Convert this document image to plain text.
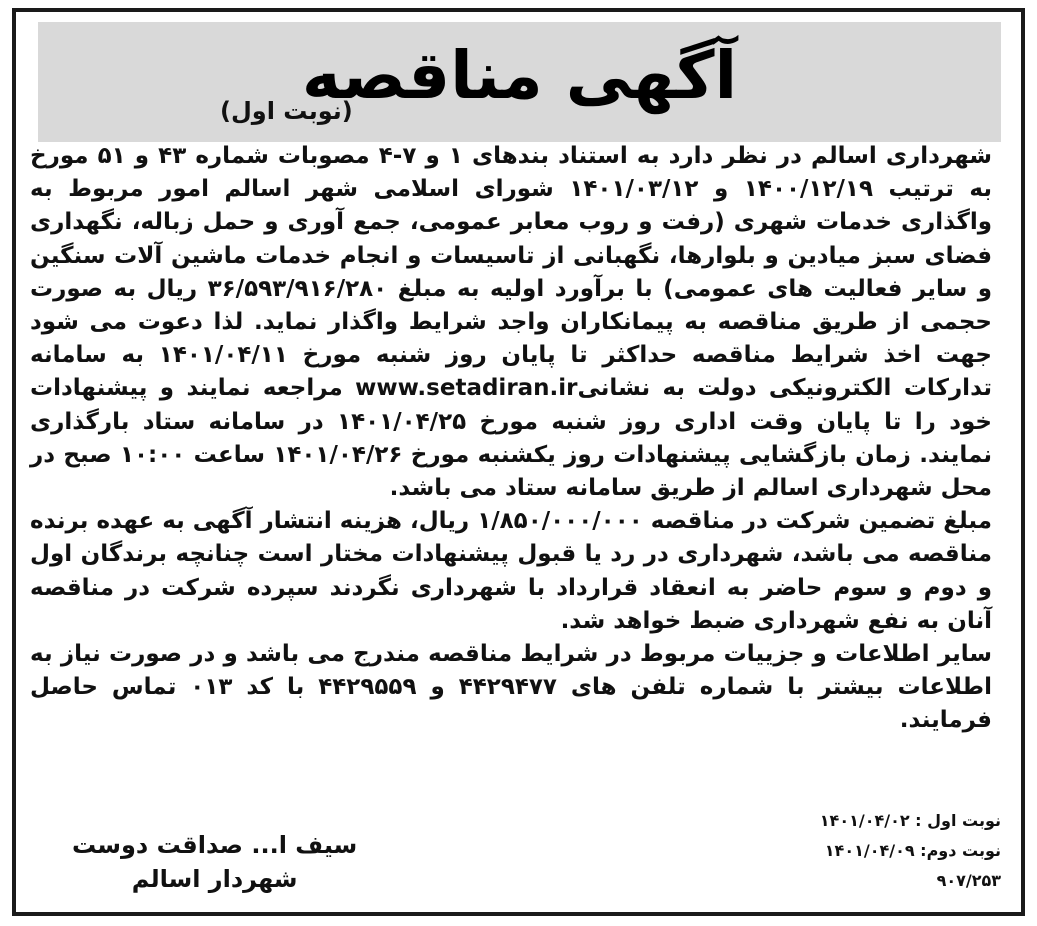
آگهی مناقصه
(نوبت اول)

شهرداری اسالم در نظر دارد به استناد بندهای ۱ و ۷-۴ مصوبات شماره ۴۳ و ۵۱ مورخ به ترتیب ۱۴۰۰/۱۲/۱۹ و ۱۴۰۱/۰۳/۱۲ شورای اسلامی شهر اسالم امور مربوط به واگذاری خدمات شهری (رفت و روب معابر عمومی، جمع آوری و حمل زباله، نگهداری فضای سبز میادین و بلوارها، نگهبانی از تاسیسات و انجام خدمات ماشین آلات سنگین و سایر فعالیت های عمومی) با برآورد اولیه به مبلغ ۳۶/۵۹۳/۹۱۶/۲۸۰ ریال به صورت حجمی از طریق مناقصه به پیمانکاران واجد شرایط واگذار نماید. لذا دعوت می شود جهت اخذ شرایط مناقصه حداکثر تا پایان روز شنبه مورخ ۱۴۰۱/۰۴/۱۱ به سامانه تدارکات الکترونیکی دولت به نشانیwww.setadiran.ir مراجعه نمایند و پیشنهادات خود را تا پایان وقت اداری روز شنبه مورخ ۱۴۰۱/۰۴/۲۵ در سامانه ستاد بارگذاری نمایند. زمان بازگشایی پیشنهادات روز یکشنبه مورخ ۱۴۰۱/۰۴/۲۶ ساعت ۱۰:۰۰ صبح در محل شهرداری اسالم از طریق سامانه ستاد می باشد.

مبلغ تضمین شرکت در مناقصه ۱/۸۵۰/۰۰۰/۰۰۰ ریال، هزینه انتشار آگهی به عهده برنده مناقصه می باشد، شهرداری در رد یا قبول پیشنهادات مختار است چنانچه برندگان اول و دوم و سوم حاضر به انعقاد قرارداد با شهرداری نگردند سپرده شرکت در مناقصه آنان به نفع شهرداری ضبط خواهد شد.

سایر اطلاعات و جزییات مربوط در شرایط مناقصه مندرج می باشد و در صورت نیاز به اطلاعات بیشتر با شماره تلفن های ۴۴۲۹۴۷۷ و ۴۴۲۹۵۵۹ با کد ۰۱۳ تماس حاصل فرمایند.

نوبت اول : ۱۴۰۱/۰۴/۰۲
نوبت دوم: ۱۴۰۱/۰۴/۰۹
۹۰۷/۲۵۳
سیف ا... صداقت دوست
شهردار اسالم
